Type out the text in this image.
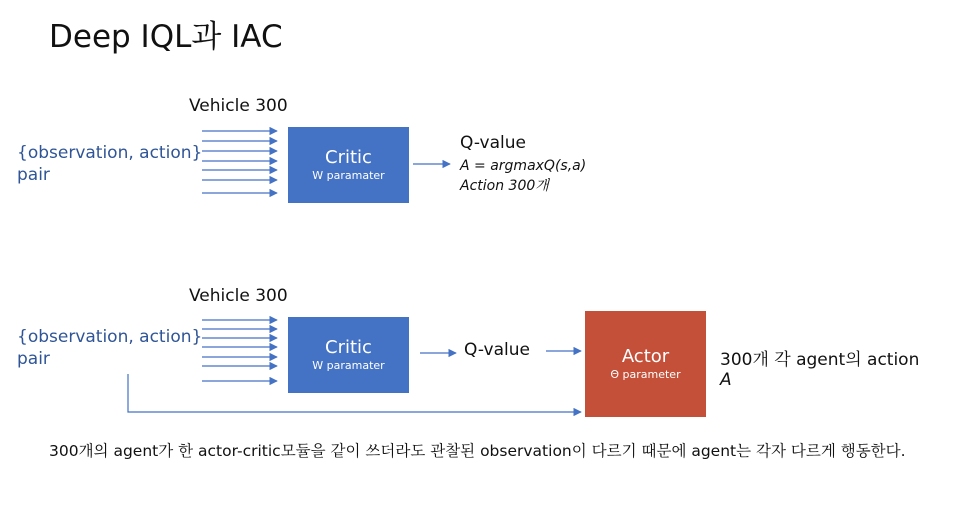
Deep IQL과 IAC
Vehicle 300
{observation, action}
pair
Critic
W paramater
Q-value
A = argmaxQ(s,a)
Action 300개
Vehicle 300
{observation, action}
pair
Critic
W paramater
Q-value	Actor
Θ parameter
300개 각 agent의 action
A
300개의 agent가 한 actor-critic모듈을 같이 쓰더라도 관찰된 observation이 다르기 때문에 agent는 각자 다르게 행동한다.
